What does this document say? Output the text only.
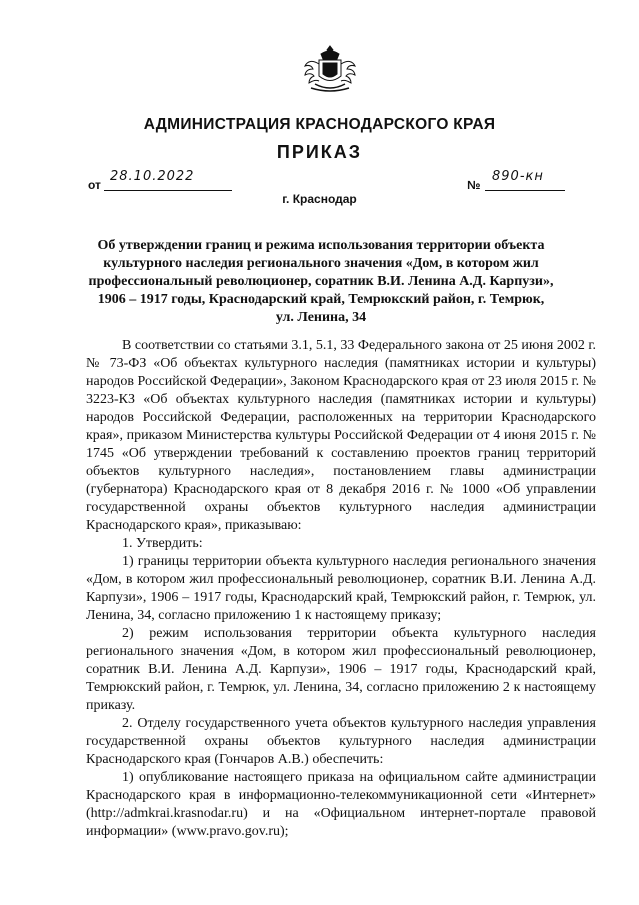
АДМИНИСТРАЦИЯ КРАСНОДАРСКОГО КРАЯ
ПРИКАЗ
от
28.10.2022
№
890-кн
г. Краснодар
Об утверждении границ и режима использования территории объекта
культурного наследия регионального значения «Дом, в котором жил
профессиональный революционер, соратник В.И. Ленина А.Д. Карпузи»,
1906 – 1917 годы, Краснодарский край, Темрюкский район, г. Темрюк,
ул. Ленина, 34
В соответствии со статьями 3.1, 5.1, 33 Федерального закона от 25 июня 2002 г. № 73-ФЗ «Об объектах культурного наследия (памятниках истории и культуры) народов Российской Федерации», Законом Краснодарского края от 23 июля 2015 г. № 3223-КЗ «Об объектах культурного наследия (памятниках истории и культуры) народов Российской Федерации, расположенных на территории Краснодарского края», приказом Министерства культуры Российской Федерации от 4 июня 2015 г. № 1745 «Об утверждении требований к составлению проектов границ территорий объектов культурного наследия», постановлением главы администрации (губернатора) Краснодарского края от 8 декабря 2016 г. № 1000 «Об управлении государственной охраны объектов культурного наследия администрации Краснодарского края», приказываю:
1. Утвердить:
1) границы территории объекта культурного наследия регионального значения «Дом, в котором жил профессиональный революционер, соратник В.И. Ленина А.Д. Карпузи», 1906 – 1917 годы, Краснодарский край, Темрюкский район, г. Темрюк, ул. Ленина, 34, согласно приложению 1 к настоящему приказу;
2) режим использования территории объекта культурного наследия регионального значения «Дом, в котором жил профессиональный революционер, соратник В.И. Ленина А.Д. Карпузи», 1906 – 1917 годы, Краснодарский край, Темрюкский район, г. Темрюк, ул. Ленина, 34, согласно приложению 2 к настоящему приказу.
2. Отделу государственного учета объектов культурного наследия управления государственной охраны объектов культурного наследия администрации Краснодарского края (Гончаров А.В.) обеспечить:
1) опубликование настоящего приказа на официальном сайте администрации Краснодарского края в информационно-телекоммуникационной сети «Интернет» (http://admkrai.krasnodar.ru) и на «Официальном интернет-портале правовой информации» (www.pravo.gov.ru);
